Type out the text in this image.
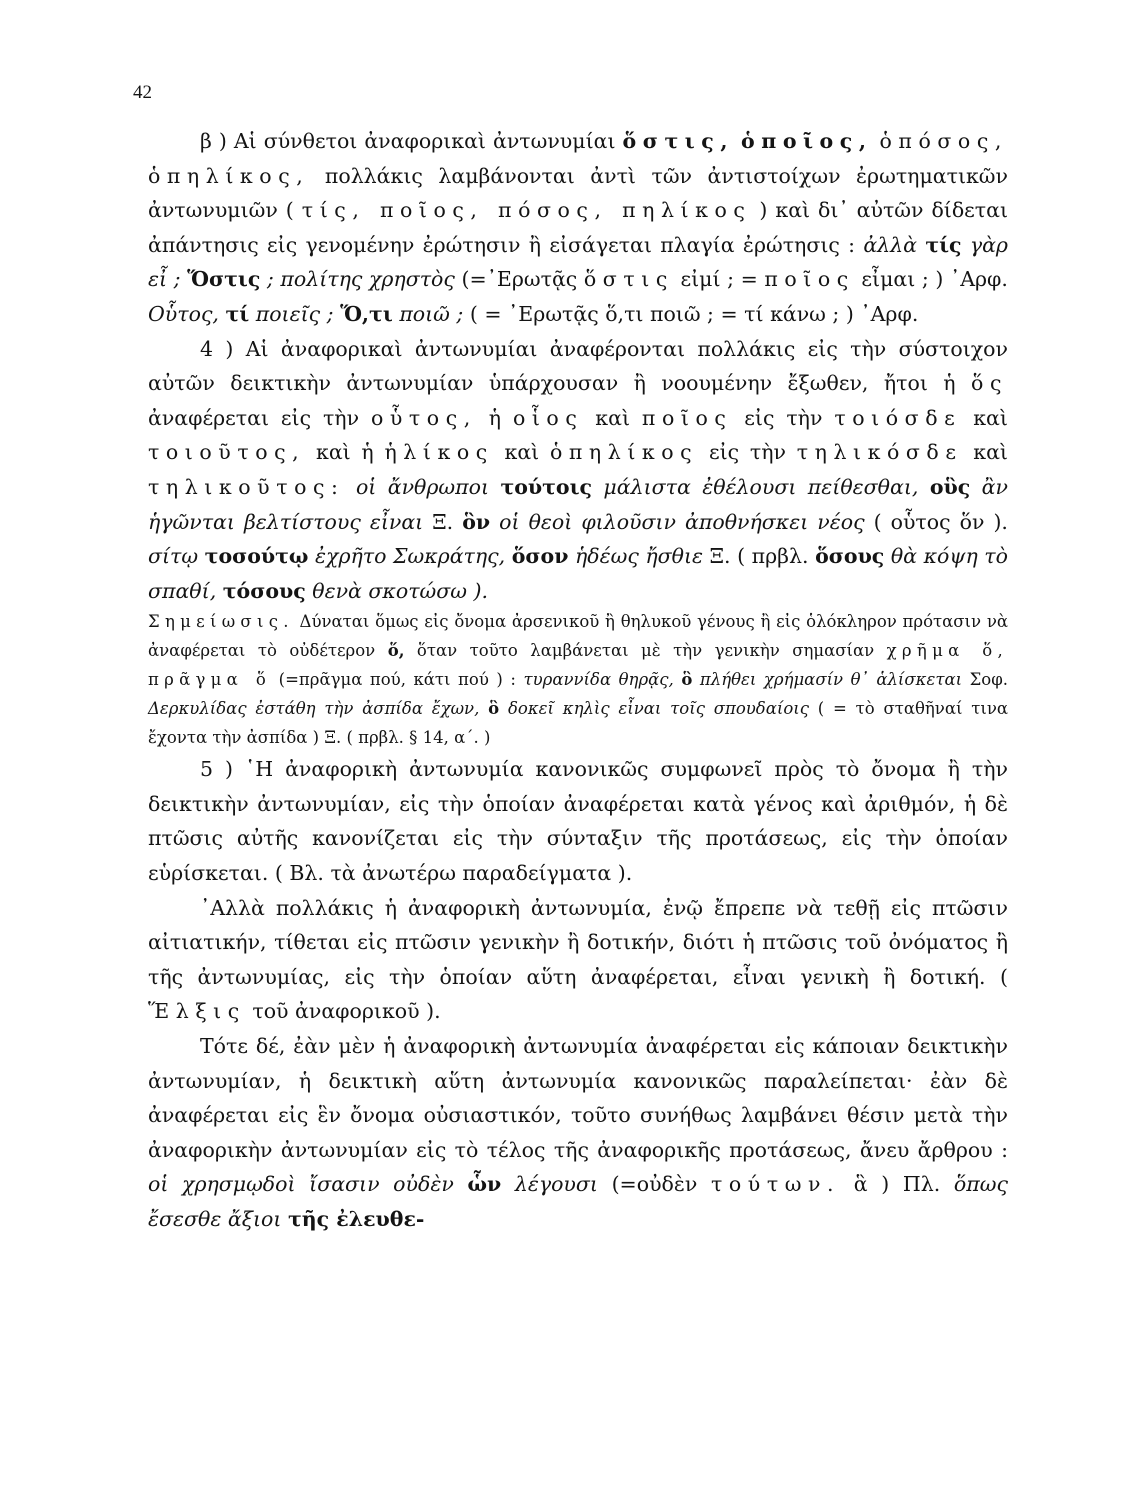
42

β ) Αἱ σύνθετοι ἀναφορικαὶ ἀντωνυμίαι ὅστις, ὁποῖος, ὁπόσος, ὁπηλίκος, πολλάκις λαμβάνονται ἀντὶ τῶν ἀντιστοίχων ἐρωτηματικῶν ἀντωνυμιῶν ( τίς, ποῖος, πόσος, πηλίκος ) καὶ δι᾽ αὐτῶν δίδεται ἀπάντησις εἰς γενομένην ἐρώτησιν ἢ εἰσάγεται πλαγία ἐρώτησις : ἀλλὰ τίς γὰρ εἶ ; Ὅστις ; πολίτης χρηστὸς (=᾽Ερωτᾷς ὅστις εἰμί ; = ποῖος εἶμαι ; ) ᾽Αρφ. Οὗτος, τί ποιεῖς ; Ὅ,τι ποιῶ ; ( = ᾽Ερωτᾷς ὅ,τι ποιῶ ; = τί κάνω ; ) ᾽Αρφ.

4 ) Αἱ ἀναφορικαὶ ἀντωνυμίαι ἀναφέρονται πολλάκις εἰς τὴν σύστοιχον αὐτῶν δεικτικὴν ἀντωνυμίαν ὑπάρχουσαν ἢ νοουμένην ἔξωθεν, ἤτοι ἡ ὅς ἀναφέρεται εἰς τὴν οὗτος, ἡ οἷος καὶ ποῖος εἰς τὴν τοιόσδε καὶ τοιοῦτος, καὶ ἡ ἡλίκος καὶ ὁπηλίκος εἰς τὴν τηλικόσδε καὶ τηλικοῦτος: οἱ ἄνθρωποι τούτοις μάλιστα ἐθέλουσι πείθεσθαι, οὓς ἂν ἡγῶνται βελτίστους εἶναι Ξ. ὃν οἱ θεοὶ φιλοῦσιν ἀποθνήσκει νέος ( οὗτος ὅν ). σίτῳ τοσούτῳ ἐχρῆτο Σωκράτης, ὅσον ἡδέως ἤσθιε Ξ. ( πρβλ. ὅσους θὰ κόψη τὸ σπαθί, τόσους θενὰ σκοτώσω ).

Σημείωσις. Δύναται ὅμως εἰς ὄνομα ἀρσενικοῦ ἢ θηλυκοῦ γένους ἢ εἰς ὁλόκληρον πρότασιν νὰ ἀναφέρεται τὸ οὐδέτερον ὅ, ὅταν τοῦτο λαμβάνεται μὲ τὴν γενικὴν σημασίαν χρῆμα ὅ, πρᾶγμα ὅ (=πρᾶγμα πού, κάτι πού ) : τυραννίδα θηρᾷς, ὃ πλήθει χρήμασίν θ᾽ ἁλίσκεται Σοφ. Δερκυλίδας ἐστάθη τὴν ἀσπίδα ἔχων, ὃ δοκεῖ κηλὶς εἶναι τοῖς σπουδαίοις ( = τὸ σταθῆναί τινα ἔχοντα τὴν ἀσπίδα ) Ξ. ( πρβλ. § 14, α΄. )

5 ) ῾Η ἀναφορικὴ ἀντωνυμία κανονικῶς συμφωνεῖ πρὸς τὸ ὄνομα ἢ τὴν δεικτικὴν ἀντωνυμίαν, εἰς τὴν ὁποίαν ἀναφέρεται κατὰ γένος καὶ ἀριθμόν, ἡ δὲ πτῶσις αὐτῆς κανονίζεται εἰς τὴν σύνταξιν τῆς προτάσεως, εἰς τὴν ὁποίαν εὑρίσκεται. ( Βλ. τὰ ἀνωτέρω παραδείγματα ).

᾽Αλλὰ πολλάκις ἡ ἀναφορικὴ ἀντωνυμία, ἐνῷ ἔπρεπε νὰ τεθῇ εἰς πτῶσιν αἰτιατικήν, τίθεται εἰς πτῶσιν γενικὴν ἢ δοτικήν, διότι ἡ πτῶσις τοῦ ὀνόματος ἢ τῆς ἀντωνυμίας, εἰς τὴν ὁποίαν αὕτη ἀναφέρεται, εἶναι γενικὴ ἢ δοτική. ( Ἕλξις τοῦ ἀναφορικοῦ ).

Τότε δέ, ἐὰν μὲν ἡ ἀναφορικὴ ἀντωνυμία ἀναφέρεται εἰς κάποιαν δεικτικὴν ἀντωνυμίαν, ἡ δεικτικὴ αὕτη ἀντωνυμία κανονικῶς παραλείπεται· ἐὰν δὲ ἀναφέρεται εἰς ἓν ὄνομα οὐσιαστικόν, τοῦτο συνήθως λαμβάνει θέσιν μετὰ τὴν ἀναφορικὴν ἀντωνυμίαν εἰς τὸ τέλος τῆς ἀναφορικῆς προτάσεως, ἄνευ ἄρθρου : οἱ χρησμῳδοὶ ἴσασιν οὐδὲν ὧν λέγουσι (=οὐδὲν τούτων. ἃ ) Πλ. ὅπως ἔσεσθε ἄξιοι τῆς ἐλευθε-
